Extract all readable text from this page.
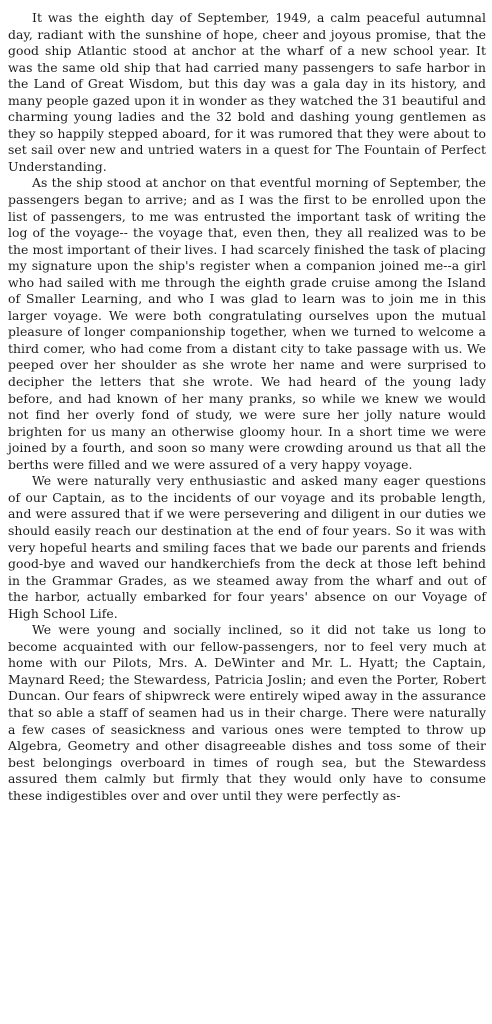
It was the eighth day of September, 1949, a calm peaceful autumnal day, radiant with the sunshine of hope, cheer and joyous promise, that the good ship Atlantic stood at anchor at the wharf of a new school year. It was the same old ship that had carried many passengers to safe harbor in the Land of Great Wisdom, but this day was a gala day in its history, and many people gazed upon it in wonder as they watched the 31 beautiful and charming young ladies and the 32 bold and dashing young gentlemen as they so happily stepped aboard, for it was rumored that they were about to set sail over new and untried waters in a quest for The Fountain of Perfect Understanding.

As the ship stood at anchor on that eventful morning of September, the passengers began to arrive; and as I was the first to be enrolled upon the list of passengers, to me was entrusted the important task of writing the log of the voyage-- the voyage that, even then, they all realized was to be the most important of their lives. I had scarcely finished the task of placing my signature upon the ship's register when a companion joined me--a girl who had sailed with me through the eighth grade cruise among the Island of Smaller Learning, and who I was glad to learn was to join me in this larger voyage. We were both congratulating ourselves upon the mutual pleasure of longer companionship together, when we turned to welcome a third comer, who had come from a distant city to take passage with us. We peeped over her shoulder as she wrote her name and were surprised to decipher the letters that she wrote. We had heard of the young lady before, and had known of her many pranks, so while we knew we would not find her overly fond of study, we were sure her jolly nature would brighten for us many an otherwise gloomy hour. In a short time we were joined by a fourth, and soon so many were crowding around us that all the berths were filled and we were assured of a very happy voyage.

We were naturally very enthusiastic and asked many eager questions of our Captain, as to the incidents of our voyage and its probable length, and were assured that if we were persevering and diligent in our duties we should easily reach our destination at the end of four years. So it was with very hopeful hearts and smiling faces that we bade our parents and friends good-bye and waved our handkerchiefs from the deck at those left behind in the Grammar Grades, as we steamed away from the wharf and out of the harbor, actually embarked for four years' absence on our Voyage of High School Life.

We were young and socially inclined, so it did not take us long to become acquainted with our fellow-passengers, nor to feel very much at home with our Pilots, Mrs. A. DeWinter and Mr. L. Hyatt; the Captain, Maynard Reed; the Stewardess, Patricia Joslin; and even the Porter, Robert Duncan. Our fears of shipwreck were entirely wiped away in the assurance that so able a staff of seamen had us in their charge. There were naturally a few cases of seasickness and various ones were tempted to throw up Algebra, Geometry and other disagreeable dishes and toss some of their best belongings overboard in times of rough sea, but the Stewardess assured them calmly but firmly that they would only have to consume these indigestibles over and over until they were perfectly as-
